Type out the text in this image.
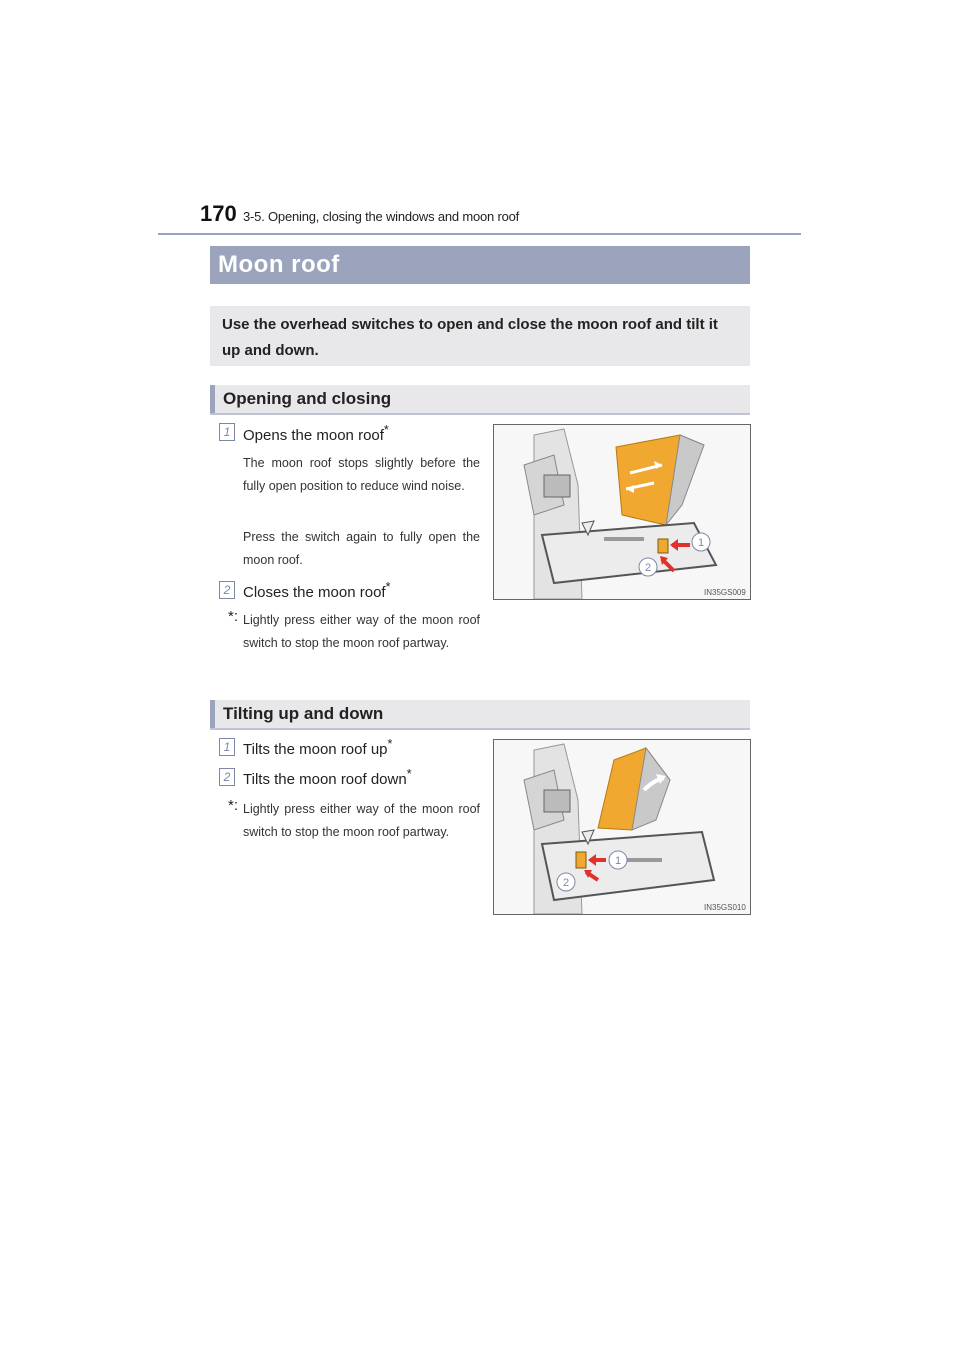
170 3-5. Opening, closing the windows and moon roof
Moon roof
Use the overhead switches to open and close the moon roof and tilt it up and down.
Opening and closing
1 Opens the moon roof*
The moon roof stops slightly before the fully open position to reduce wind noise.
Press the switch again to fully open the moon roof.
2 Closes the moon roof*
*: Lightly press either way of the moon roof switch to stop the moon roof partway.
1
2
IN35GS009
Tilting up and down
1 Tilts the moon roof up*
2 Tilts the moon roof down*
*: Lightly press either way of the moon roof switch to stop the moon roof partway.
1
2
IN35GS010
